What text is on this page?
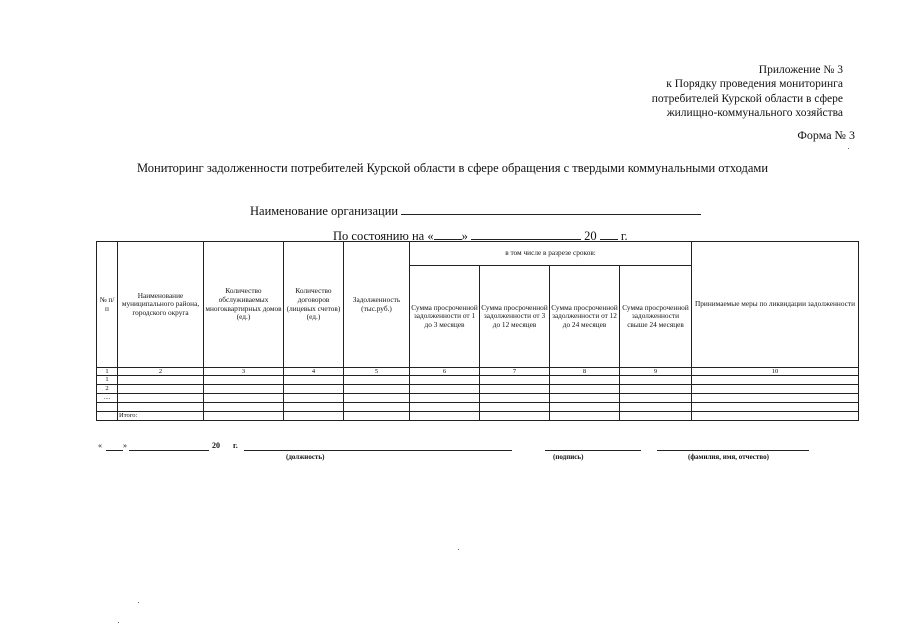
Приложение № 3
к Порядку проведения мониторинга
потребителей Курской области в сфере
жилищно-коммунального хозяйства
Форма № 3
Мониторинг задолженности потребителей Курской области в сфере обращения с твердыми коммунальными отходами
Наименование организации
По состоянию на « »	20 г.
№ п/п	Наименование муниципального района, городского округа	Количество обслуживаемых многоквартирных домов (ед.)	Количество договоров (лицевых счетов) (ед.)	Задолженность (тыс.руб.)	в том числе в разрезе сроков:				Принимаемые меры по ликвидации задолженности
					Сумма просроченной задолженности от 1 до 3 месяцев	Сумма просроченной задолженности от 3 до 12 месяцев	Сумма просроченной задолженности от 12 до 24 месяцев	Сумма просроченной задолженности свыше 24 месяцев	
1	2	3	4	5	6	7	8	9	10
1									
2									
....									

	Итого:								
«	»	20 г.
(должность)	(подпись)	(фамилия, имя, отчество)
